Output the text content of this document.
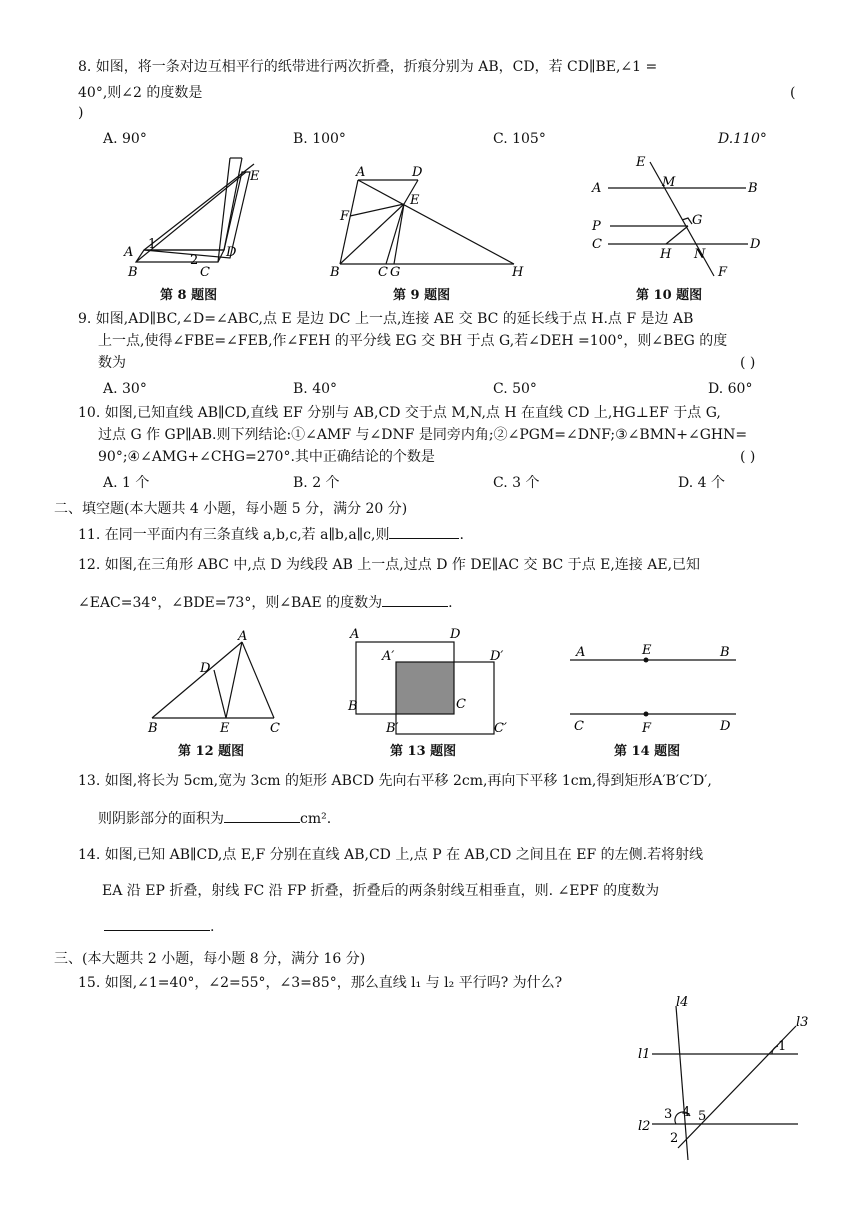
8. 如图，将一条对边互相平行的纸带进行两次折叠，折痕分别为 AB，CD，若 CD∥BE,∠1 =
40°,则∠2 的度数是	(
)
A. 90°	B. 100°	C. 105°	D.110°
E
A
1
D
B
2
C
第 8 题图
A	D
E
F
B	C G	H
第 9 题图
E
M
A	B
P	G
C	D
H N
F
第 10 题图
9. 如图,AD∥BC,∠D=∠ABC,点 E 是边 DC 上一点,连接 AE 交 BC 的延长线于点 H.点 F 是边 AB
上一点,使得∠FBE=∠FEB,作∠FEH 的平分线 EG 交 BH 于点 G,若∠DEH =100°，则∠BEG 的度
数为	( )
A. 30°	B. 40°	C. 50°	D. 60°
10. 如图,已知直线 AB∥CD,直线 EF 分别与 AB,CD 交于点 M,N,点 H 在直线 CD 上,HG⊥EF 于点 G,
过点 G 作 GP∥AB.则下列结论:①∠AMF 与∠DNF 是同旁内角;②∠PGM=∠DNF;③∠BMN+∠GHN=
90°;④∠AMG+∠CHG=270°.其中正确结论的个数是	( )
A. 1 个	B. 2 个	C. 3 个	D. 4 个
二、填空题(本大题共 4 小题，每小题 5 分，满分 20 分)
11. 在同一平面内有三条直线 a,b,c,若 a∥b,a∥c,则	.
12. 如图,在三角形 ABC 中,点 D 为线段 AB 上一点,过点 D 作 DE∥AC 交 BC 于点 E,连接 AE,已知
∠EAC=34°，∠BDE=73°，则∠BAE 的度数为	.
A
D
B	E	C
第 12 题图
A	D
A′	D′
B	C
B′	C′
第 13 题图
A	E	B
C	F	D
第 14 题图
13. 如图,将长为 5cm,宽为 3cm 的矩形 ABCD 先向右平移 2cm,再向下平移 1cm,得到矩形A′B′C′D′,
则阴影部分的面积为	cm².
14. 如图,已知 AB∥CD,点 E,F 分别在直线 AB,CD 上,点 P 在 AB,CD 之间且在 EF 的左侧.若将射线
EA 沿 EP 折叠，射线 FC 沿 FP 折叠，折叠后的两条射线互相垂直，则. ∠EPF 的度数为
.
三、(本大题共 2 小题，每小题 8 分，满分 16 分)
15. 如图,∠1=40°，∠2=55°，∠3=85°，那么直线 l₁ 与 l₂ 平行吗? 为什么?
l4
l3
l1
1
4
3 5
l2
2
